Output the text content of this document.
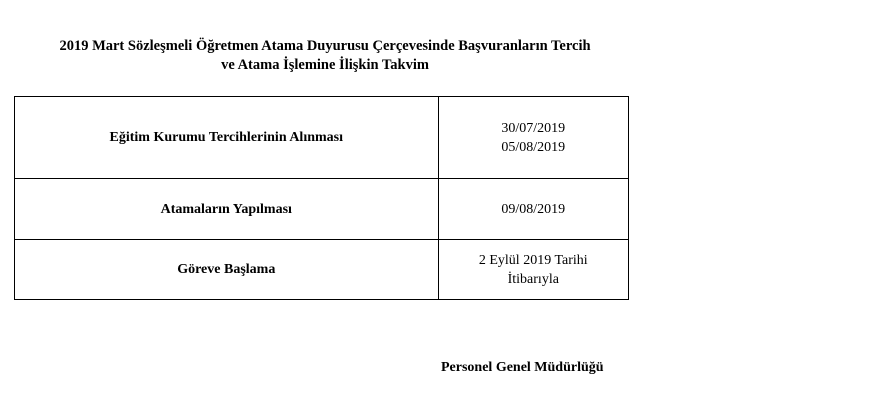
2019 Mart Sözleşmeli Öğretmen Atama Duyurusu Çerçevesinde Başvuranların Tercih
ve Atama İşlemine İlişkin Takvim
Eğitim Kurumu Tercihlerinin Alınması	30/07/2019
05/08/2019

Atamaların Yapılması	09/08/2019

Göreve Başlama	2 Eylül 2019 Tarihi
İtibarıyla
Personel Genel Müdürlüğü
